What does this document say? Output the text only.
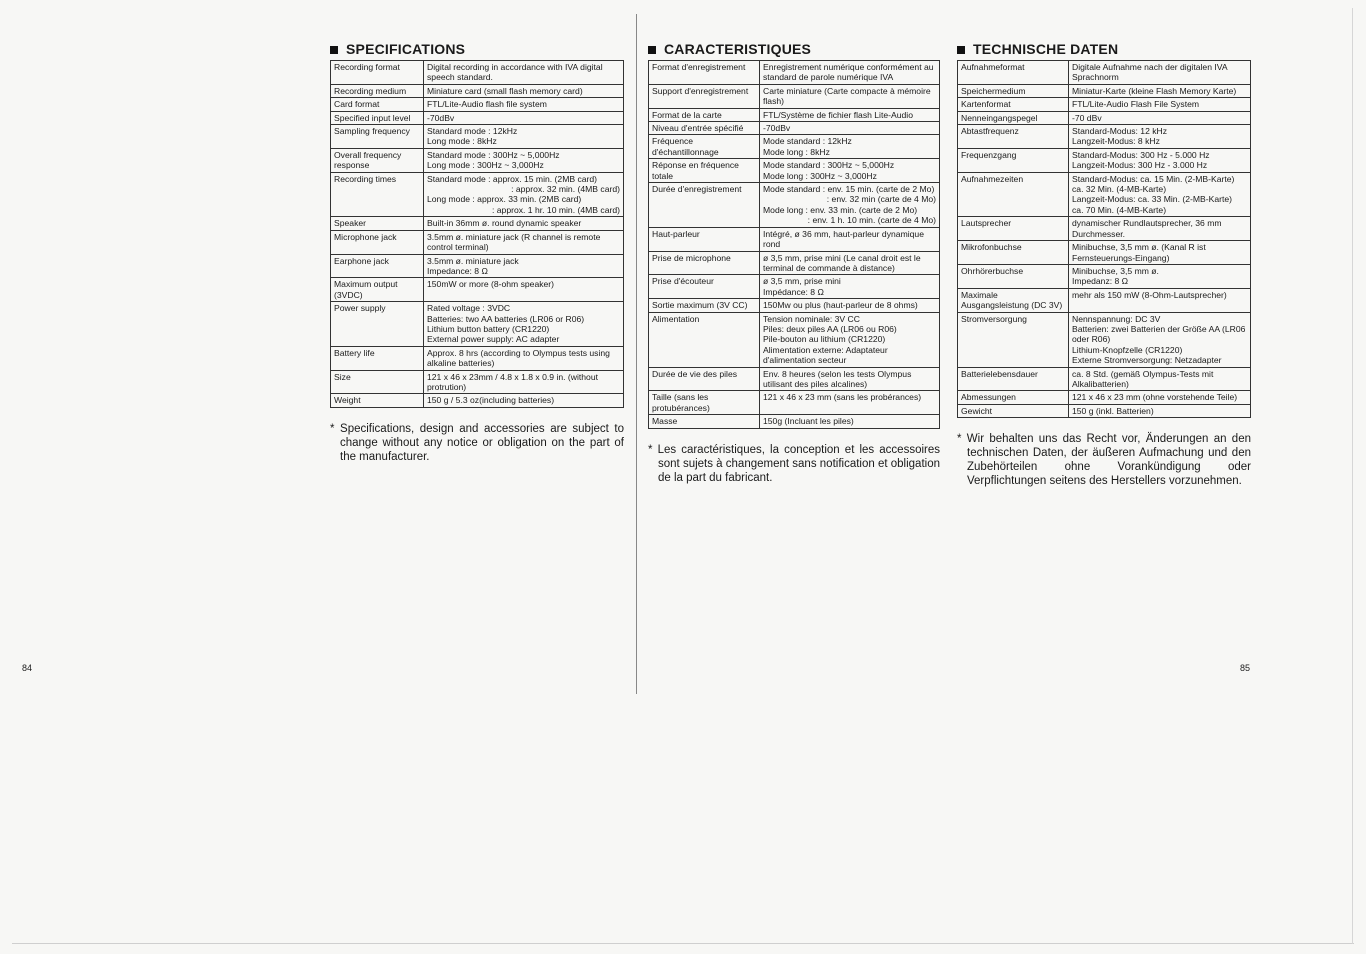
SPECIFICATIONS
Recording format	Digital recording in accordance with IVA digital speech standard.

Recording medium	Miniature card (small flash memory card)

Card format	FTL/Lite-Audio flash file system

Specified input level	-70dBv

Sampling frequency	Standard mode : 12kHz
Long mode : 8kHz

Overall frequency response	Standard mode : 300Hz ~ 5,000Hz
Long mode : 300Hz ~ 3,000Hz

Recording times	Standard mode : approx. 15 min. (2MB card)
: approx. 32 min. (4MB card)
Long mode : approx. 33 min. (2MB card)
: approx. 1 hr. 10 min. (4MB card)

Speaker	Built-in 36mm ø. round dynamic speaker

Microphone jack	3.5mm ø. miniature jack (R channel is remote control terminal)

Earphone jack	3.5mm ø. miniature jack
Impedance: 8 Ω

Maximum output (3VDC)	150mW or more (8-ohm speaker)

Power supply	Rated voltage : 3VDC
Batteries: two AA batteries (LR06 or R06)
Lithium button battery (CR1220)
External power supply: AC adapter

Battery life	Approx. 8 hrs (according to Olympus tests using alkaline batteries)

Size	121 x 46 x 23mm / 4.8 x 1.8 x 0.9 in. (without protrution)

Weight	150 g / 5.3 oz(including batteries)
* Specifications, design and accessories are subject to change without any notice or obligation on the part of the manufacturer.
CARACTERISTIQUES
Format d'enregistrement	Enregistrement numérique conformément au standard de parole numérique IVA

Support d'enregistrement	Carte miniature (Carte compacte à mémoire flash)

Format de la carte	FTL/Système de fichier flash Lite-Audio

Niveau d'entrée spécifié	-70dBv

Fréquence d'échantillonnage	Mode standard : 12kHz
Mode long : 8kHz

Réponse en fréquence totale	Mode standard : 300Hz ~ 5,000Hz
Mode long : 300Hz ~ 3,000Hz

Durée d'enregistrement	Mode standard : env. 15 min. (carte de 2 Mo)
: env. 32 min (carte de 4 Mo)
Mode long : env. 33 min. (carte de 2 Mo)
: env. 1 h. 10 min. (carte de 4 Mo)

Haut-parleur	Intégré, ø 36 mm, haut-parleur dynamique rond

Prise de microphone	ø 3,5 mm, prise mini (Le canal droit est le terminal de commande à distance)

Prise d'écouteur	ø 3,5 mm, prise mini
Impédance: 8 Ω

Sortie maximum (3V CC)	150Mw ou plus (haut-parleur de 8 ohms)

Alimentation	Tension nominale: 3V CC
Piles: deux piles AA (LR06 ou R06)
Pile-bouton au lithium (CR1220)
Alimentation externe: Adaptateur d'alimentation secteur

Durée de vie des piles	Env. 8 heures (selon les tests Olympus utilisant des piles alcalines)

Taille (sans les protubérances)	121 x 46 x 23 mm (sans les probérances)

Masse	150g (Incluant les piles)
* Les caractéristiques, la conception et les accessoires sont sujets à changement sans notification et obligation de la part du fabricant.
TECHNISCHE DATEN
Aufnahmeformat	Digitale Aufnahme nach der digitalen IVA Sprachnorm

Speichermedium	Miniatur-Karte (kleine Flash Memory Karte)

Kartenformat	FTL/Lite-Audio Flash File System

Nenneingangspegel	-70 dBv

Abtastfrequenz	Standard-Modus: 12 kHz
Langzeit-Modus: 8 kHz

Frequenzgang	Standard-Modus: 300 Hz - 5.000 Hz
Langzeit-Modus: 300 Hz - 3.000 Hz

Aufnahmezeiten	Standard-Modus: ca. 15 Min. (2-MB-Karte)
ca. 32 Min. (4-MB-Karte)
Langzeit-Modus: ca. 33 Min. (2-MB-Karte)
ca. 70 Min. (4-MB-Karte)

Lautsprecher	dynamischer Rundlautsprecher, 36 mm Durchmesser.

Mikrofonbuchse	Minibuchse, 3,5 mm ø. (Kanal R ist Fernsteuerungs-Eingang)

Ohrhörerbuchse	Minibuchse, 3,5 mm ø.
Impedanz: 8 Ω

Maximale Ausgangsleistung (DC 3V)	mehr als 150 mW (8-Ohm-Lautsprecher)

Stromversorgung	Nennspannung: DC 3V
Batterien: zwei Batterien der Größe AA (LR06 oder R06)
Lithium-Knopfzelle (CR1220)
Externe Stromversorgung: Netzadapter

Batterielebensdauer	ca. 8 Std. (gemäß Olympus-Tests mit Alkalibatterien)

Abmessungen	121 x 46 x 23 mm (ohne vorstehende Teile)

Gewicht	150 g (inkl. Batterien)
* Wir behalten uns das Recht vor, Änderungen an den technischen Daten, der äußeren Aufmachung und den Zubehörteilen ohne Vorankündigung oder Verpflichtungen seitens des Herstellers vorzunehmen.
84	85
